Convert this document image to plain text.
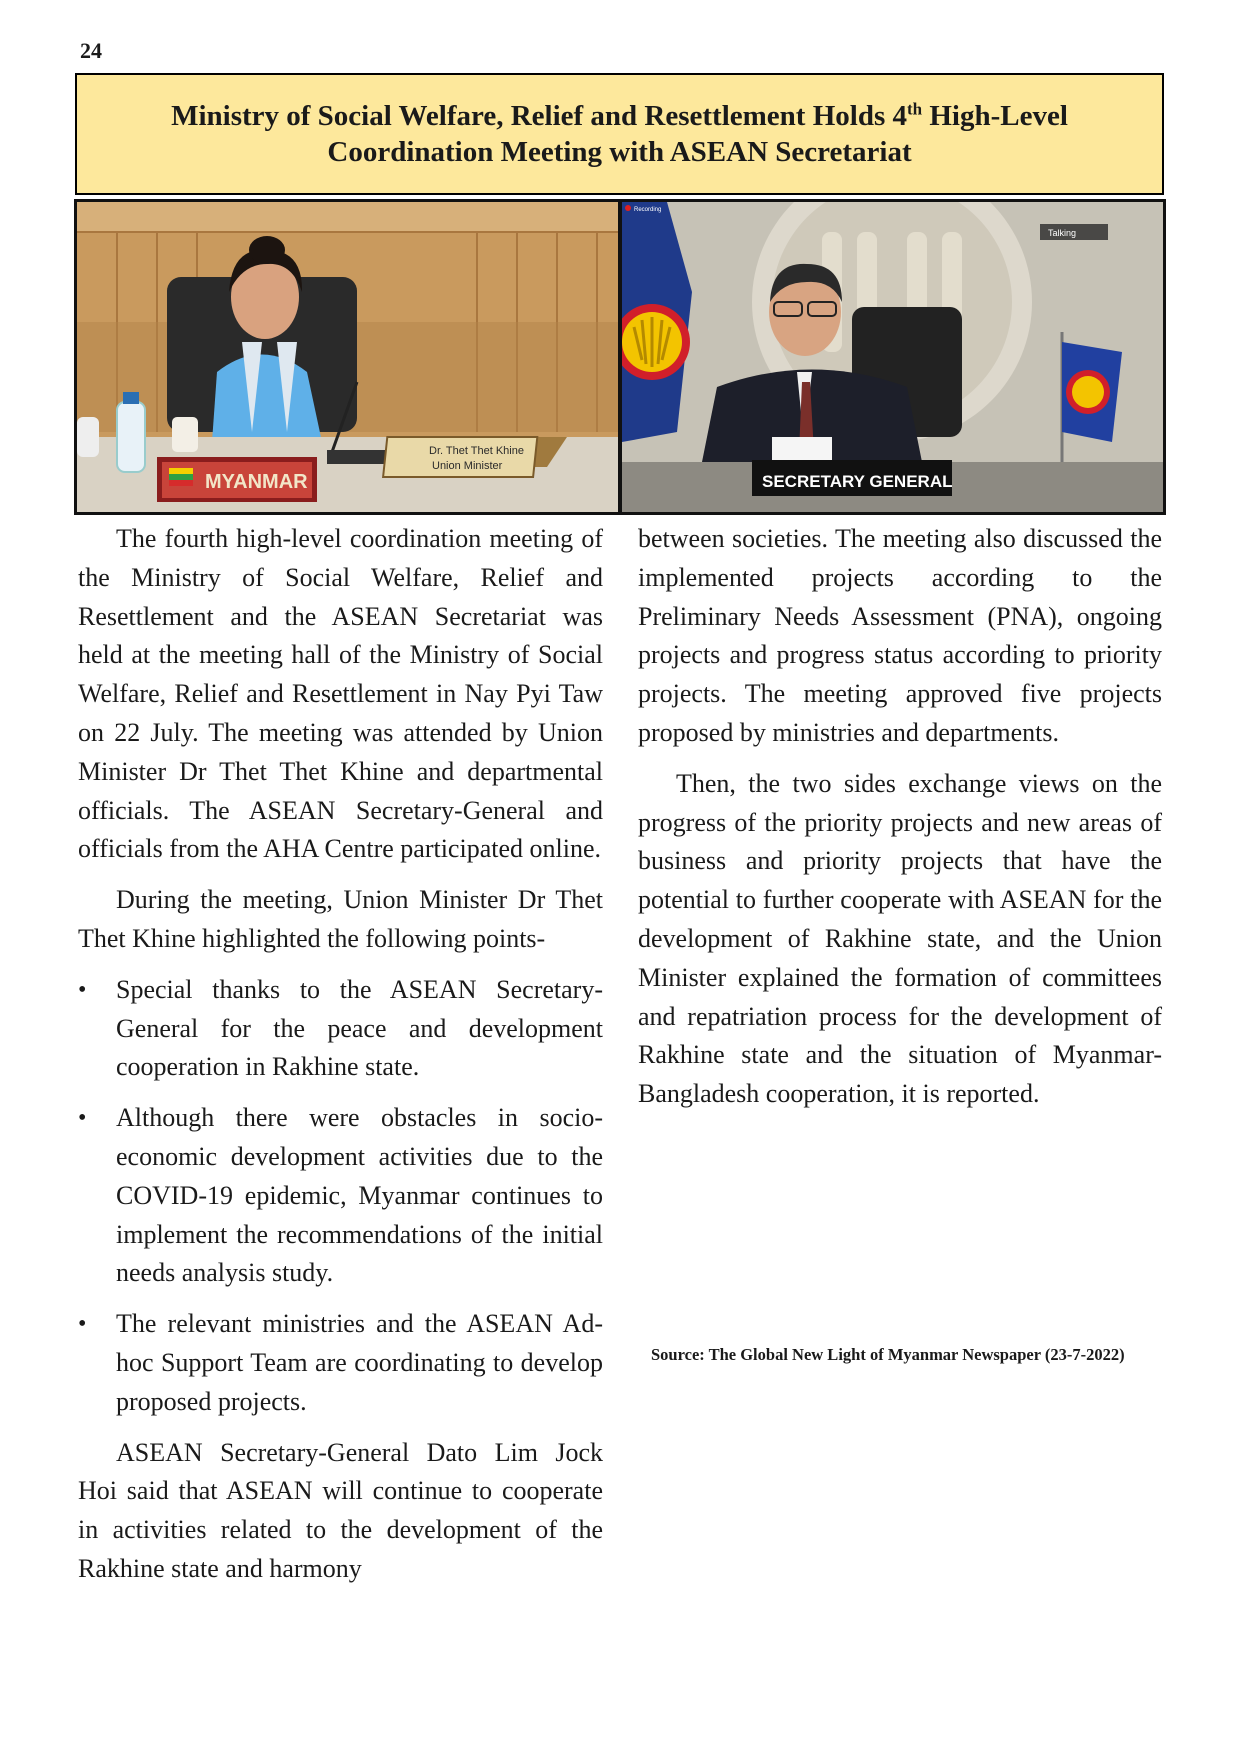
24
Ministry of Social Welfare, Relief and Resettlement Holds 4th High-Level
Coordination Meeting with ASEAN Secretariat
MYANMAR
Dr. Thet Thet Khine
Union Minister
SECRETARY GENERAL
Talking
Recording

The fourth high-level coordination meeting of the Ministry of Social Welfare, Relief and Resettlement and the ASEAN Secretariat was held at the meeting hall of the Ministry of Social Welfare, Relief and Resettlement in Nay Pyi Taw on 22 July. The meeting was attended by Union Minister Dr Thet Thet Khine and departmental officials. The ASEAN Secretary-General and officials from the AHA Centre participated online.

During the meeting, Union Minister Dr Thet Thet Khine highlighted the following points-

• Special thanks to the ASEAN Secretary-General for the peace and development cooperation in Rakhine state.
• Although there were obstacles in socio-economic development activities due to the COVID-19 epidemic, Myanmar continues to implement the recommendations of the initial needs analysis study.
• The relevant ministries and the ASEAN Ad-hoc Support Team are coordinating to develop proposed projects.

ASEAN Secretary-General Dato Lim Jock Hoi said that ASEAN will continue to cooperate in activities related to the development of the Rakhine state and harmony

between societies. The meeting also discussed the implemented projects according to the Preliminary Needs Assessment (PNA), ongoing projects and progress status according to priority projects. The meeting approved five projects proposed by ministries and departments.

Then, the two sides exchange views on the progress of the priority projects and new areas of business and priority projects that have the potential to further cooperate with ASEAN for the development of Rakhine state, and the Union Minister explained the formation of committees and repatriation process for the development of Rakhine state and the situation of Myanmar-Bangladesh cooperation, it is reported.

Source: The Global New Light of Myanmar Newspaper (23-7-2022)
